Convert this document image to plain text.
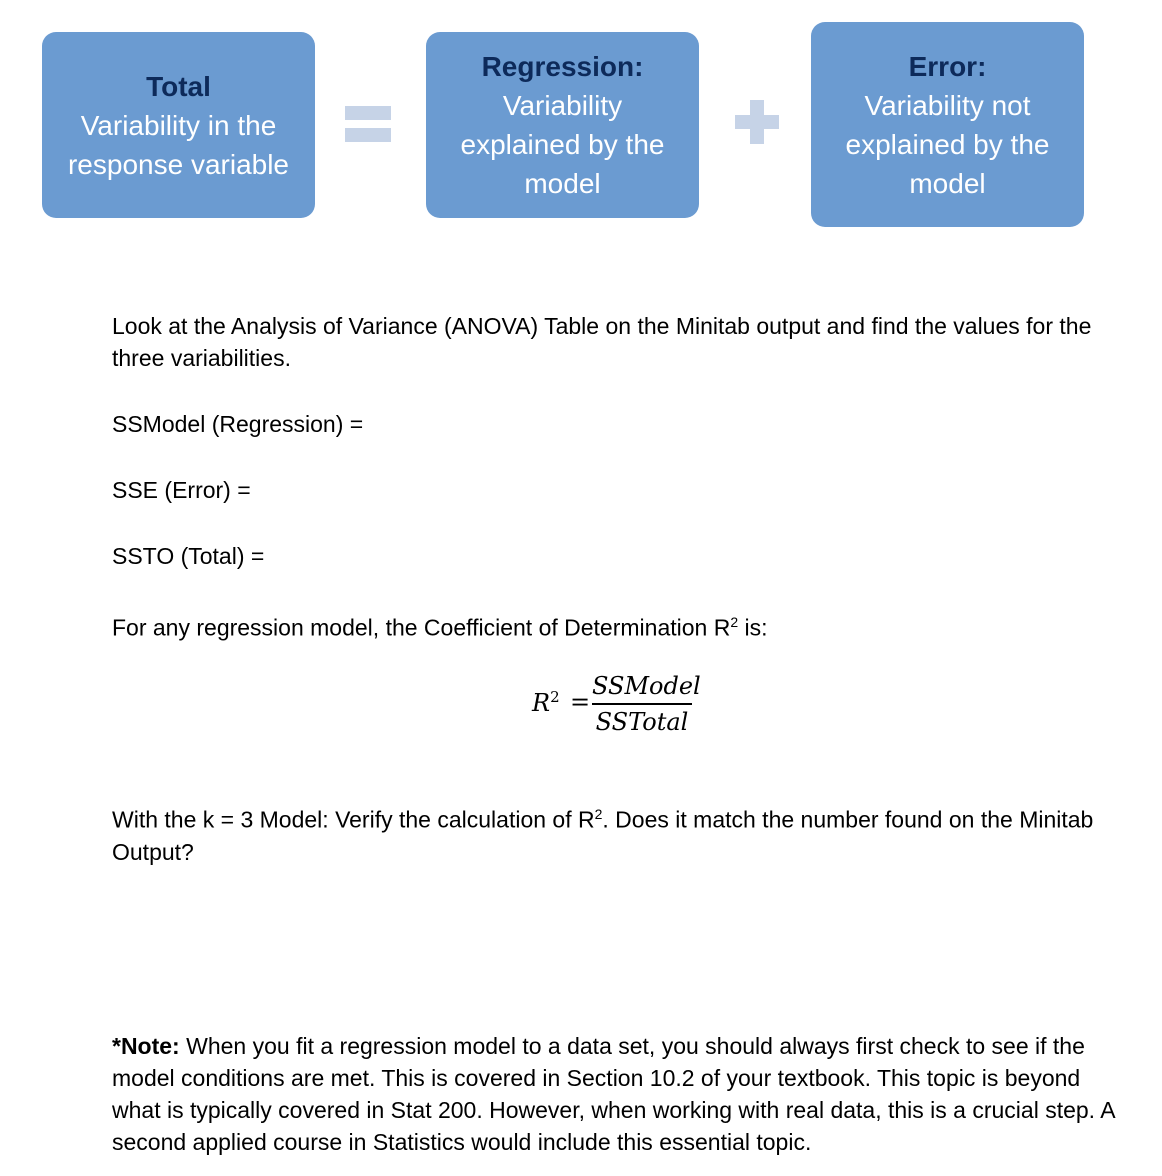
Total
Variability in the response variable
Regression:
Variability explained by the model
Error:
Variability not explained by the model
Look at the Analysis of Variance (ANOVA) Table on the Minitab output and find the values for the three variabilities.
SSModel (Regression) =
SSE (Error) =
SSTO (Total) =
For any regression model, the Coefficient of Determination $R^2$ is:
$R^2$ =
SSModel
SSTotal
With the k = 3 Model: Verify the calculation of $R^2$. Does it match the number found on the Minitab Output?
*Note: When you fit a regression model to a data set, you should always first check to see if the model conditions are met. This is covered in Section 10.2 of your textbook. This topic is beyond what is typically covered in Stat 200. However, when working with real data, this is a crucial step. A second applied course in Statistics would include this essential topic.
